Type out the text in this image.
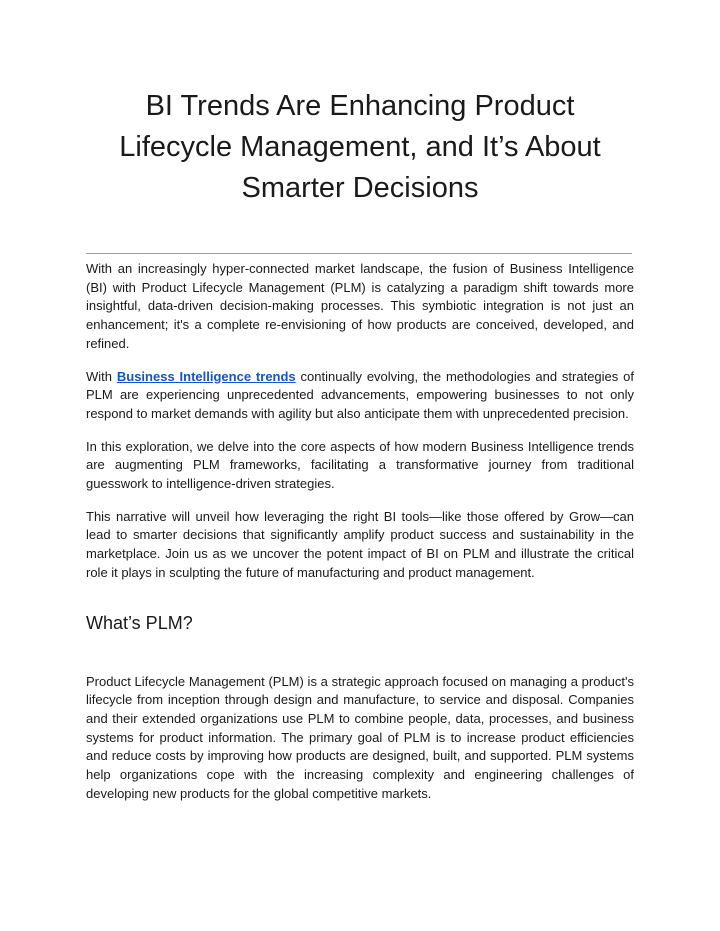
BI Trends Are Enhancing Product
Lifecycle Management, and It’s About
Smarter Decisions

With an increasingly hyper-connected market landscape, the fusion of Business Intelligence (BI) with Product Lifecycle Management (PLM) is catalyzing a paradigm shift towards more insightful, data-driven decision-making processes. This symbiotic integration is not just an enhancement; it's a complete re-envisioning of how products are conceived, developed, and refined.

With Business Intelligence trends continually evolving, the methodologies and strategies of PLM are experiencing unprecedented advancements, empowering businesses to not only respond to market demands with agility but also anticipate them with unprecedented precision.

In this exploration, we delve into the core aspects of how modern Business Intelligence trends are augmenting PLM frameworks, facilitating a transformative journey from traditional guesswork to intelligence-driven strategies.

This narrative will unveil how leveraging the right BI tools—like those offered by Grow—can lead to smarter decisions that significantly amplify product success and sustainability in the marketplace. Join us as we uncover the potent impact of BI on PLM and illustrate the critical role it plays in sculpting the future of manufacturing and product management.

What’s PLM?

Product Lifecycle Management (PLM) is a strategic approach focused on managing a product's lifecycle from inception through design and manufacture, to service and disposal. Companies and their extended organizations use PLM to combine people, data, processes, and business systems for product information. The primary goal of PLM is to increase product efficiencies and reduce costs by improving how products are designed, built, and supported. PLM systems help organizations cope with the increasing complexity and engineering challenges of developing new products for the global competitive markets.
